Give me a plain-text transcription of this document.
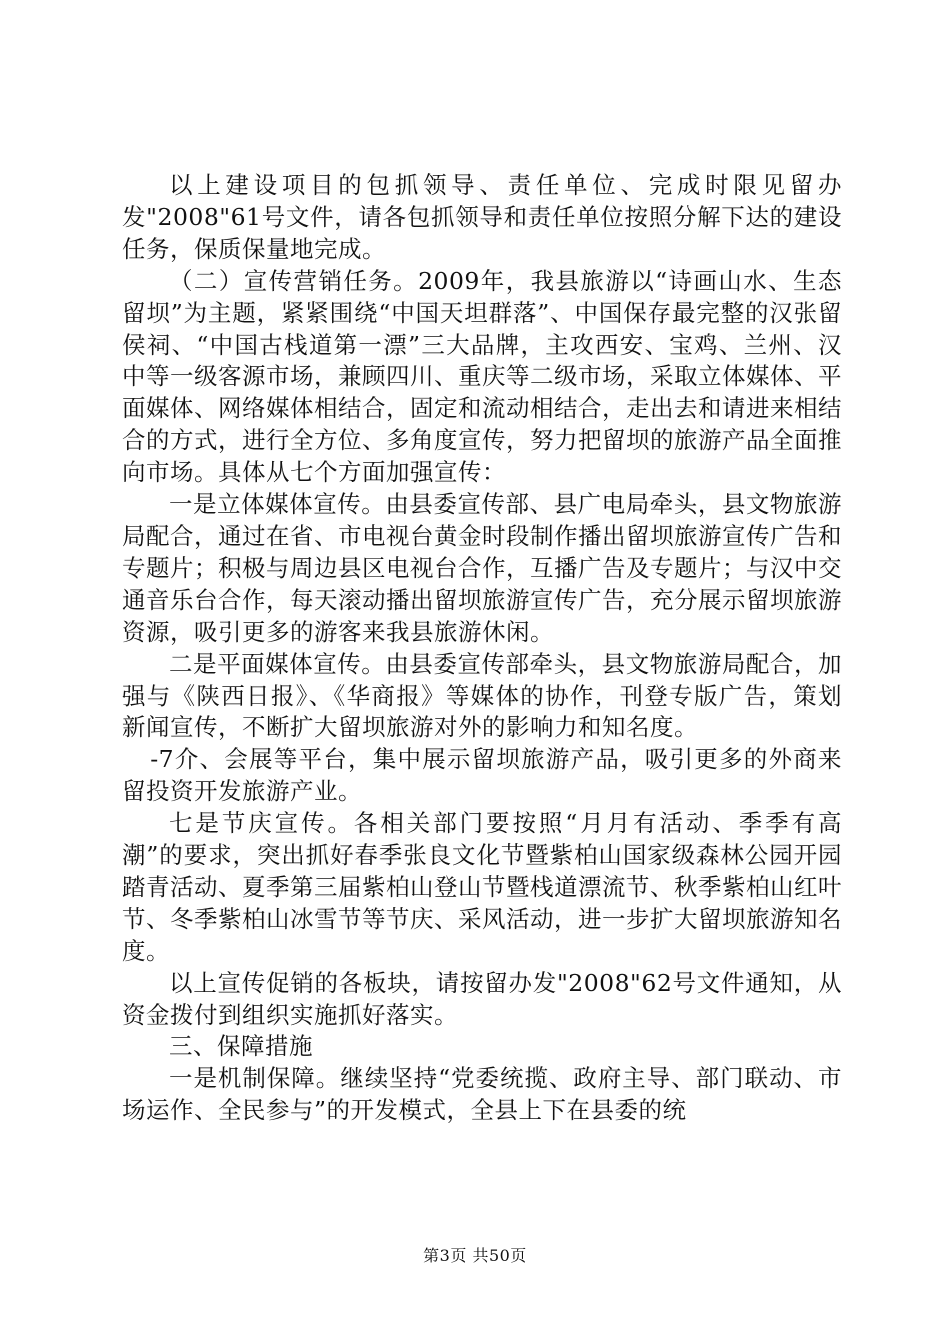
以上建设项目的包抓领导、责任单位、完成时限见留办发"2008"61号文件，请各包抓领导和责任单位按照分解下达的建设任务，保质保量地完成。

（二）宣传营销任务。2009年，我县旅游以“诗画山水、生态留坝”为主题，紧紧围绕“中国天坦群落”、中国保存最完整的汉张留侯祠、“中国古栈道第一漂”三大品牌，主攻西安、宝鸡、兰州、汉中等一级客源市场，兼顾四川、重庆等二级市场，采取立体媒体、平面媒体、网络媒体相结合，固定和流动相结合，走出去和请进来相结合的方式，进行全方位、多角度宣传，努力把留坝的旅游产品全面推向市场。具体从七个方面加强宣传：

一是立体媒体宣传。由县委宣传部、县广电局牵头，县文物旅游局配合，通过在省、市电视台黄金时段制作播出留坝旅游宣传广告和专题片；积极与周边县区电视台合作，互播广告及专题片；与汉中交通音乐台合作，每天滚动播出留坝旅游宣传广告，充分展示留坝旅游资源，吸引更多的游客来我县旅游休闲。

二是平面媒体宣传。由县委宣传部牵头，县文物旅游局配合，加强与《陕西日报》、《华商报》等媒体的协作，刊登专版广告，策划新闻宣传，不断扩大留坝旅游对外的影响力和知名度。

-7介、会展等平台，集中展示留坝旅游产品，吸引更多的外商来留投资开发旅游产业。

七是节庆宣传。各相关部门要按照“月月有活动、季季有高潮”的要求，突出抓好春季张良文化节暨紫柏山国家级森林公园开园踏青活动、夏季第三届紫柏山登山节暨栈道漂流节、秋季紫柏山红叶节、冬季紫柏山冰雪节等节庆、采风活动，进一步扩大留坝旅游知名度。

以上宣传促销的各板块，请按留办发"2008"62号文件通知，从资金拨付到组织实施抓好落实。

三、保障措施

一是机制保障。继续坚持“党委统揽、政府主导、部门联动、市场运作、全民参与”的开发模式，全县上下在县委的统

第3页 共50页
